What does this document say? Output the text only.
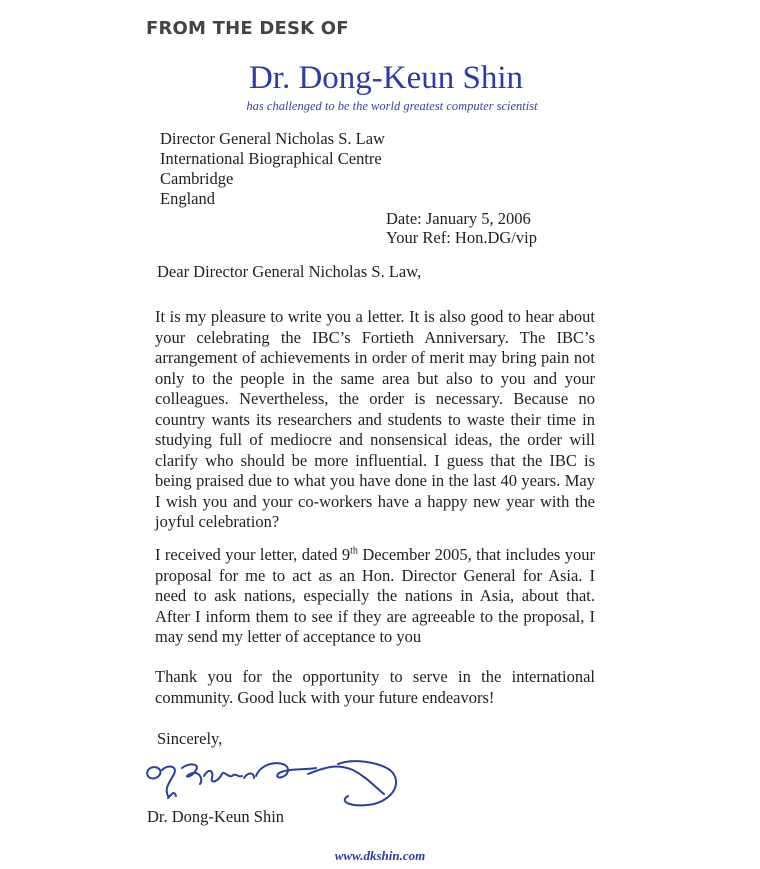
FROM THE DESK OF
Dr. Dong-Keun Shin
has challenged to be the world greatest computer scientist
Director General Nicholas S. Law
International Biographical Centre
Cambridge
England
Date: January 5, 2006
Your Ref: Hon.DG/vip
Dear Director General Nicholas S. Law,
It is my pleasure to write you a letter. It is also good to hear about your celebrating the IBC’s Fortieth Anniversary. The IBC’s arrangement of achievements in order of merit may bring pain not only to the people in the same area but also to you and your colleagues. Nevertheless, the order is necessary. Because no country wants its researchers and students to waste their time in studying full of mediocre and nonsensical ideas, the order will clarify who should be more influential. I guess that the IBC is being praised due to what you have done in the last 40 years. May I wish you and your co-workers have a happy new year with the joyful celebration?
I received your letter, dated 9th December 2005, that includes your proposal for me to act as an Hon. Director General for Asia. I need to ask nations, especially the nations in Asia, about that. After I inform them to see if they are agreeable to the proposal, I may send my letter of acceptance to you
Thank you for the opportunity to serve in the international community. Good luck with your future endeavors!
Sincerely,
Dr. Dong-Keun Shin
www.dkshin.com
